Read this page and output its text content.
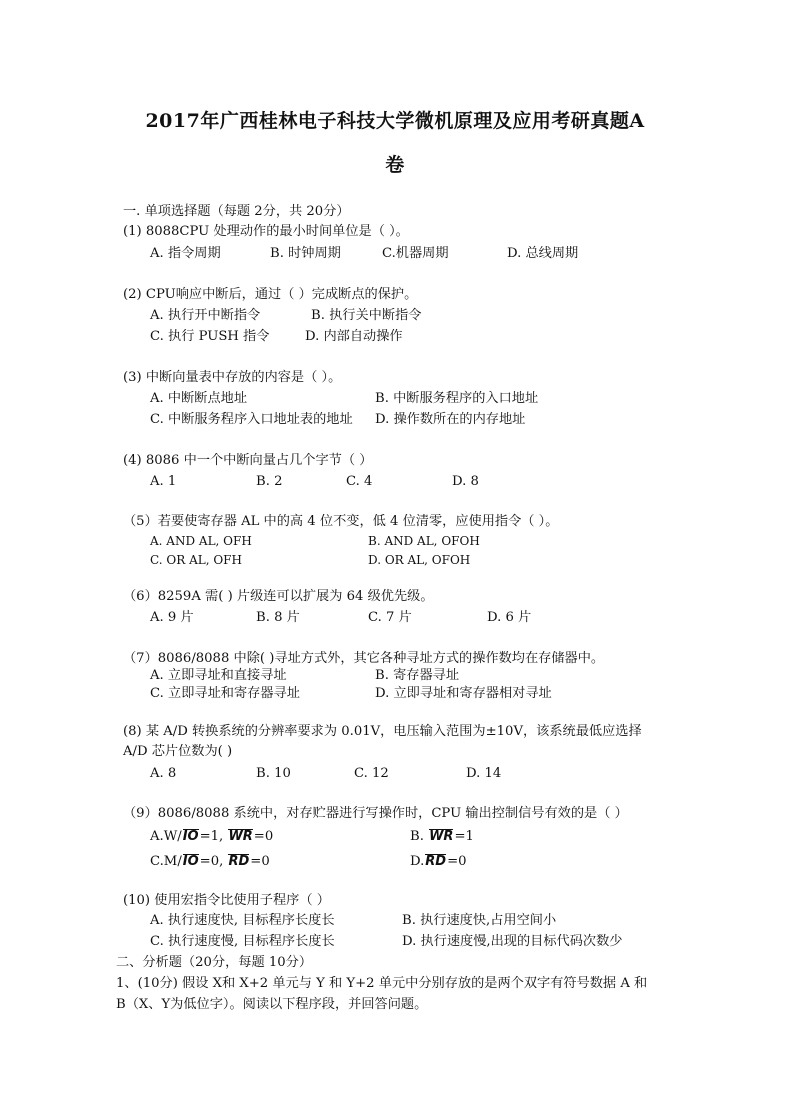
2017年广西桂林电子科技大学微机原理及应用考研真题A
卷
一. 单项选择题（每题 2分，共 20分）
(1) 8088CPU 处理动作的最小时间单位是（ ）。
A. 指令周期	B. 时钟周期	C.机器周期	D. 总线周期
(2) CPU响应中断后，通过（ ）完成断点的保护。
A. 执行开中断指令	B. 执行关中断指令
C. 执行 PUSH 指令	D. 内部自动操作
(3) 中断向量表中存放的内容是（ ）。
A. 中断断点地址	B. 中断服务程序的入口地址
C. 中断服务程序入口地址表的地址 D. 操作数所在的内存地址
(4) 8086 中一个中断向量占几个字节（ ）
A. 1	B. 2	C. 4	D. 8
（5）若要使寄存器 AL 中的高 4 位不变，低 4 位清零，应使用指令（ ）。
A. AND AL, OFH	B. AND AL, OFOH
C. OR AL, OFH	D. OR AL, OFOH
（6）8259A 需( ) 片级连可以扩展为 64 级优先级。
A. 9 片	B. 8 片	C. 7 片	D. 6 片
（7）8086/8088 中除( )寻址方式外，其它各种寻址方式的操作数均在存储器中。
A. 立即寻址和直接寻址	B. 寄存器寻址
C. 立即寻址和寄存器寻址	D. 立即寻址和寄存器相对寻址
(8) 某 A/D 转换系统的分辨率要求为 0.01V，电压输入范围为±10V，该系统最低应选择
A/D 芯片位数为( )
A. 8	B. 10	C. 12	D. 14
（9）8086/8088 系统中，对存贮器进行写操作时，CPU 输出控制信号有效的是（ ）
A.W/IO=1, WR=0	B. WR=1
C.M/IO=0, RD=0	D.RD=0
(10) 使用宏指令比使用子程序（ ）
A. 执行速度快, 目标程序长度长	B. 执行速度快,占用空间小
C. 执行速度慢, 目标程序长度长	D. 执行速度慢,出现的目标代码次数少
二、分析题（20分，每题 10分）
1、(10分) 假设 X和 X+2 单元与 Y 和 Y+2 单元中分别存放的是两个双字有符号数据 A 和
B（X、Y为低位字）。阅读以下程序段，并回答问题。
